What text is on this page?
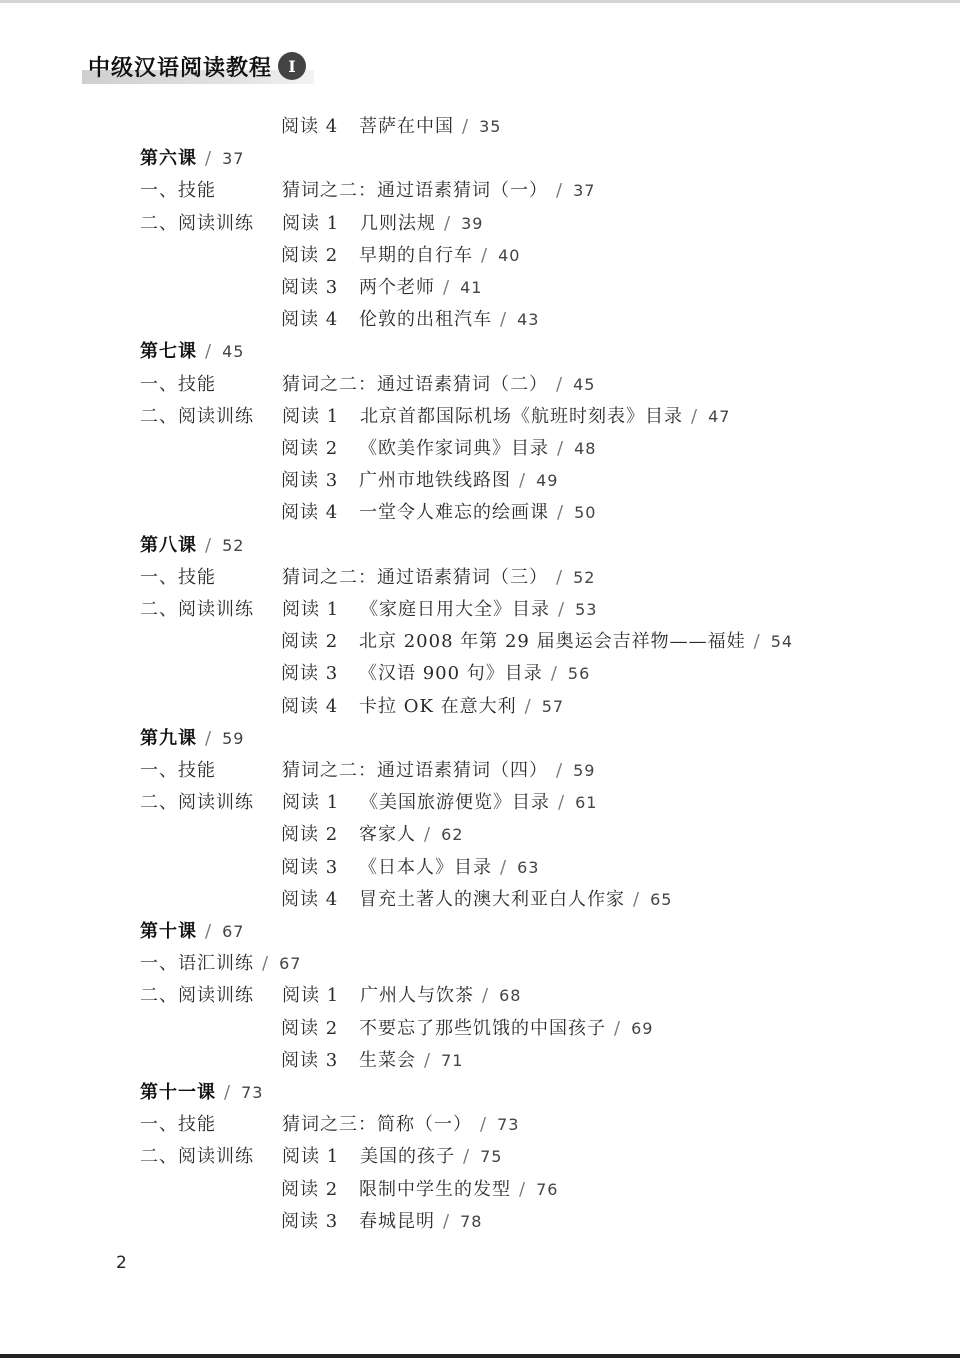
中级汉语阅读教程	Ⅰ
阅读 4	菩萨在中国 / 35
第六课 / 37
一、技能	猜词之二：通过语素猜词（一） / 37
二、阅读训练	阅读 1	几则法规 / 39
阅读 2	早期的自行车 / 40
阅读 3	两个老师 / 41
阅读 4	伦敦的出租汽车 / 43
第七课 / 45
一、技能	猜词之二：通过语素猜词（二） / 45
二、阅读训练	阅读 1	北京首都国际机场《航班时刻表》目录 / 47
阅读 2	《欧美作家词典》目录 / 48
阅读 3	广州市地铁线路图 / 49
阅读 4	一堂令人难忘的绘画课 / 50
第八课 / 52
一、技能	猜词之二：通过语素猜词（三） / 52
二、阅读训练	阅读 1	《家庭日用大全》目录 / 53
阅读 2	北京 2008 年第 29 届奥运会吉祥物——福娃 / 54
阅读 3	《汉语 900 句》目录 / 56
阅读 4	卡拉 OK 在意大利 / 57
第九课 / 59
一、技能	猜词之二：通过语素猜词（四） / 59
二、阅读训练	阅读 1	《美国旅游便览》目录 / 61
阅读 2	客家人 / 62
阅读 3	《日本人》目录 / 63
阅读 4	冒充土著人的澳大利亚白人作家 / 65
第十课 / 67
一、语汇训练 / 67
二、阅读训练	阅读 1	广州人与饮茶 / 68
阅读 2	不要忘了那些饥饿的中国孩子 / 69
阅读 3	生菜会 / 71
第十一课 / 73
一、技能	猜词之三：简称（一） / 73
二、阅读训练	阅读 1	美国的孩子 / 75
阅读 2	限制中学生的发型 / 76
阅读 3	春城昆明 / 78
2
